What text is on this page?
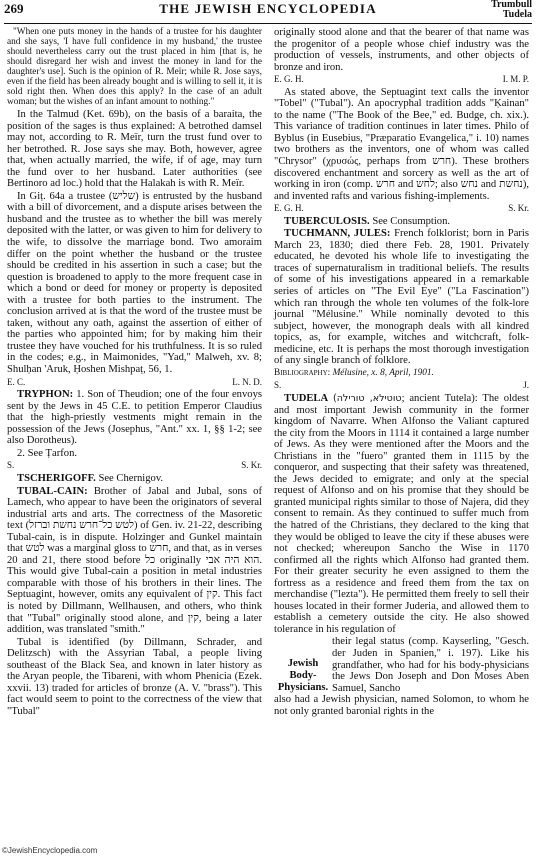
269	THE JEWISH ENCYCLOPEDIA	Trumbull
Tudela
"When one puts money in the hands of a trustee for his daughter and she says, 'I have full confidence in my husband,' the trustee should nevertheless carry out the trust placed in him [that is, he should disregard her wish and invest the money in land for the daughter's use]. Such is the opinion of R. Meïr; while R. Jose says, even if the field has been already bought and is willing to sell it, it is sold right then. When does this apply? In the case of an adult woman; but the wishes of an infant amount to nothing."

In the Talmud (Ket. 69b), on the basis of a baraita, the position of the sages is thus explained: A betrothed damsel may not, according to R. Meïr, turn the trust fund over to her betrothed. R. Jose says she may. Both, however, agree that, when actually married, the wife, if of age, may turn the fund over to her husband. Later authorities (see Bertinoro ad loc.) hold that the Halakah is with R. Meïr.

In Giṭ. 64a a trustee (שליש) is entrusted by the husband with a bill of divorcement, and a dispute arises between the husband and the trustee as to whether the bill was merely deposited with the latter, or was given to him for delivery to the wife, to dissolve the marriage bond. Two amoraim differ on the point whether the husband or the trustee should be credited in his assertion in such a case; but the question is broadened to apply to the more frequent case in which a bond or deed for money or property is deposited with a trustee for both parties to the instrument. The conclusion arrived at is that the word of the trustee must be taken, without any oath, against the assertion of either of the parties who appointed him; for by making him their trustee they have vouched for his truthfulness. It is so ruled in the codes; e.g., in Maimonides, "Yad," Malweh, xv. 8; Shulḥan 'Aruk, Ḥoshen Mishpaṭ, 56, 1.

E. C.	L. N. D.

TRYPHON: 1. Son of Theudion; one of the four envoys sent by the Jews in 45 C.E. to petition Emperor Claudius that the high-priestly vestments might remain in the possession of the Jews (Josephus, "Ant." xx. 1, §§ 1-2; see also Dorotheus).

2. See Ṭarfon.

S.	S. Kr.

TSCHERIGOFF. See Chernigov.

TUBAL-CAIN: Brother of Jabal and Jubal, sons of Lamech, who appear to have been the originators of several industrial arts and arts. The correctness of the Masoretic text (לטש כל־חרש נחשת וברזל) of Gen. iv. 21-22, describing Tubal-cain, is in dispute. Holzinger and Gunkel maintain that לטש was a marginal gloss to חרש, and that, as in verses 20 and 21, there stood before כל originally הוא היה אבי. This would give Tubal-cain a position in metal industries comparable with those of his brothers in their lines. The Septuagint, however, omits any equivalent of קין. This fact is noted by Dillmann, Wellhausen, and others, who think that "Tubal" originally stood alone, and קין, being a later addition, was translated "smith."

Tubal is identified (by Dillmann, Schrader, and Delitzsch) with the Assyrian Tabal, a people living southeast of the Black Sea, and known in later history as the Aryan people, the Tibareni, with whom Phenicia (Ezek. xxvii. 13) traded for articles of bronze (A. V. "brass"). This fact would seem to point to the correctness of the view that "Tubal"

originally stood alone and that the bearer of that name was the progenitor of a people whose chief industry was the production of vessels, instruments, and other objects of bronze and iron.

E. G. H.	I. M. P.

As stated above, the Septuagint text calls the inventor "Tobel" ("Tubal"). An apocryphal tradition adds "Ḳainan" to the name ("The Book of the Bee," ed. Budge, ch. xix.). This variance of tradition continues in later times. Philo of Byblus (in Eusebius, "Præparatio Evangelica," i. 10) names two brothers as the inventors, one of whom was called "Chrysor" (χρυσώς, perhaps from חרש). These brothers discovered enchantment and sorcery as well as the art of working in iron (comp. חרש and לחש; also נחש and נחשת), and invented rafts and various fishing-implements.

E. G. H.	S. Kr.

TUBERCULOSIS. See Consumption.

TUCHMANN, JULES: French folklorist; born in Paris March 23, 1830; died there Feb. 28, 1901. Privately educated, he devoted his whole life to investigating the traces of supernaturalism in traditional beliefs. The results of some of his investigations appeared in a remarkable series of articles on "The Evil Eye" ("La Fascination") which ran through the whole ten volumes of the folk-lore journal "Mélusine." While nominally devoted to this subject, however, the monograph deals with all kindred topics, as, for example, witches and witchcraft, folk-medicine, etc. It is perhaps the most thorough investigation of any single branch of folklore.

Bibliography: Mélusine, x. 8, April, 1901.

S.	J.

TUDELA (טוטילא, טורילה; ancient Tutela): The oldest and most important Jewish community in the former kingdom of Navarre. When Alfonso the Valiant captured the city from the Moors in 1114 it contained a large number of Jews. As they were mentioned after the Moors and the Christians in the "fuero" granted them in 1115 by the conqueror, and suspecting that their safety was threatened, the Jews decided to emigrate; and only at the special request of Alfonso and on his promise that they should be granted municipal rights similar to those of Najera, did they consent to remain. As they continued to suffer much from the hatred of the Christians, they declared to the king that they would be obliged to leave the city if these abuses were not checked; whereupon Sancho the Wise in 1170 confirmed all the rights which Alfonso had granted them. For their greater security he even assigned to them the fortress as a residence and freed them from the tax on merchandise ("lezta"). He permitted them freely to sell their houses located in their former Juderia, and allowed them to establish a cemetery outside the city. He also showed tolerance in his regulation of

Jewish Body-Physicians.
their legal status (comp. Kayserling, "Gesch. der Juden in Spanien," i. 197). Like his grandfather, who had for his body-physicians the Jews Don Joseph and Don Moses Aben Samuel, Sancho

also had a Jewish physician, named Solomon, to whom he not only granted baronial rights in the

©JewishEncyclopedia.com
